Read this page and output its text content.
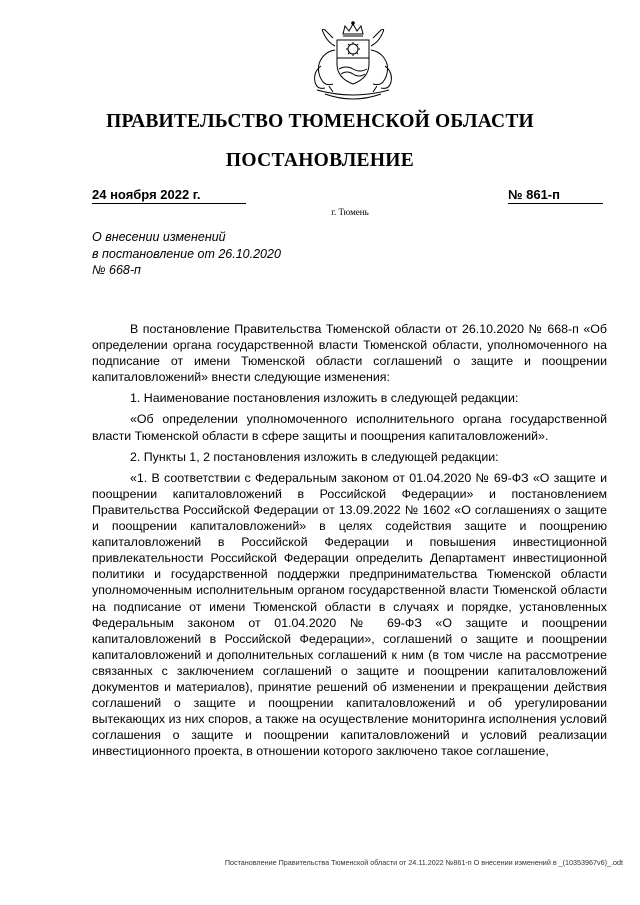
ПРАВИТЕЛЬСТВО ТЮМЕНСКОЙ ОБЛАСТИ
ПОСТАНОВЛЕНИЕ
24 ноября 2022 г.	№ 861-п
г. Тюмень
О внесении изменений
в постановление от 26.10.2020
№ 668-п

В постановление Правительства Тюменской области от 26.10.2020 № 668-п «Об определении органа государственной власти Тюменской области, уполномоченного на подписание от имени Тюменской области соглашений о защите и поощрении капиталовложений» внести следующие изменения:

1. Наименование постановления изложить в следующей редакции:

«Об определении уполномоченного исполнительного органа государственной власти Тюменской области в сфере защиты и поощрения капиталовложений».

2. Пункты 1, 2 постановления изложить в следующей редакции:

«1. В соответствии с Федеральным законом от 01.04.2020 № 69-ФЗ «О защите и поощрении капиталовложений в Российской Федерации» и постановлением Правительства Российской Федерации от 13.09.2022 № 1602 «О соглашениях о защите и поощрении капиталовложений» в целях содействия защите и поощрению капиталовложений в Российской Федерации и повышения инвестиционной привлекательности Российской Федерации определить Департамент инвестиционной политики и государственной поддержки предпринимательства Тюменской области уполномоченным исполнительным органом государственной власти Тюменской области на подписание от имени Тюменской области в случаях и порядке, установленных Федеральным законом от 01.04.2020 № 69-ФЗ «О защите и поощрении капиталовложений в Российской Федерации», соглашений о защите и поощрении капиталовложений и дополнительных соглашений к ним (в том числе на рассмотрение связанных с заключением соглашений о защите и поощрении капиталовложений документов и материалов), принятие решений об изменении и прекращении действия соглашений о защите и поощрении капиталовложений и об урегулировании вытекающих из них споров, а также на осуществление мониторинга исполнения условий соглашения о защите и поощрении капиталовложений и условий реализации инвестиционного проекта, в отношении которого заключено такое соглашение,

Постановление Правительства Тюменской области от 24.11.2022 №861-п О внесении изменений в _(10353967v6)_.odt
